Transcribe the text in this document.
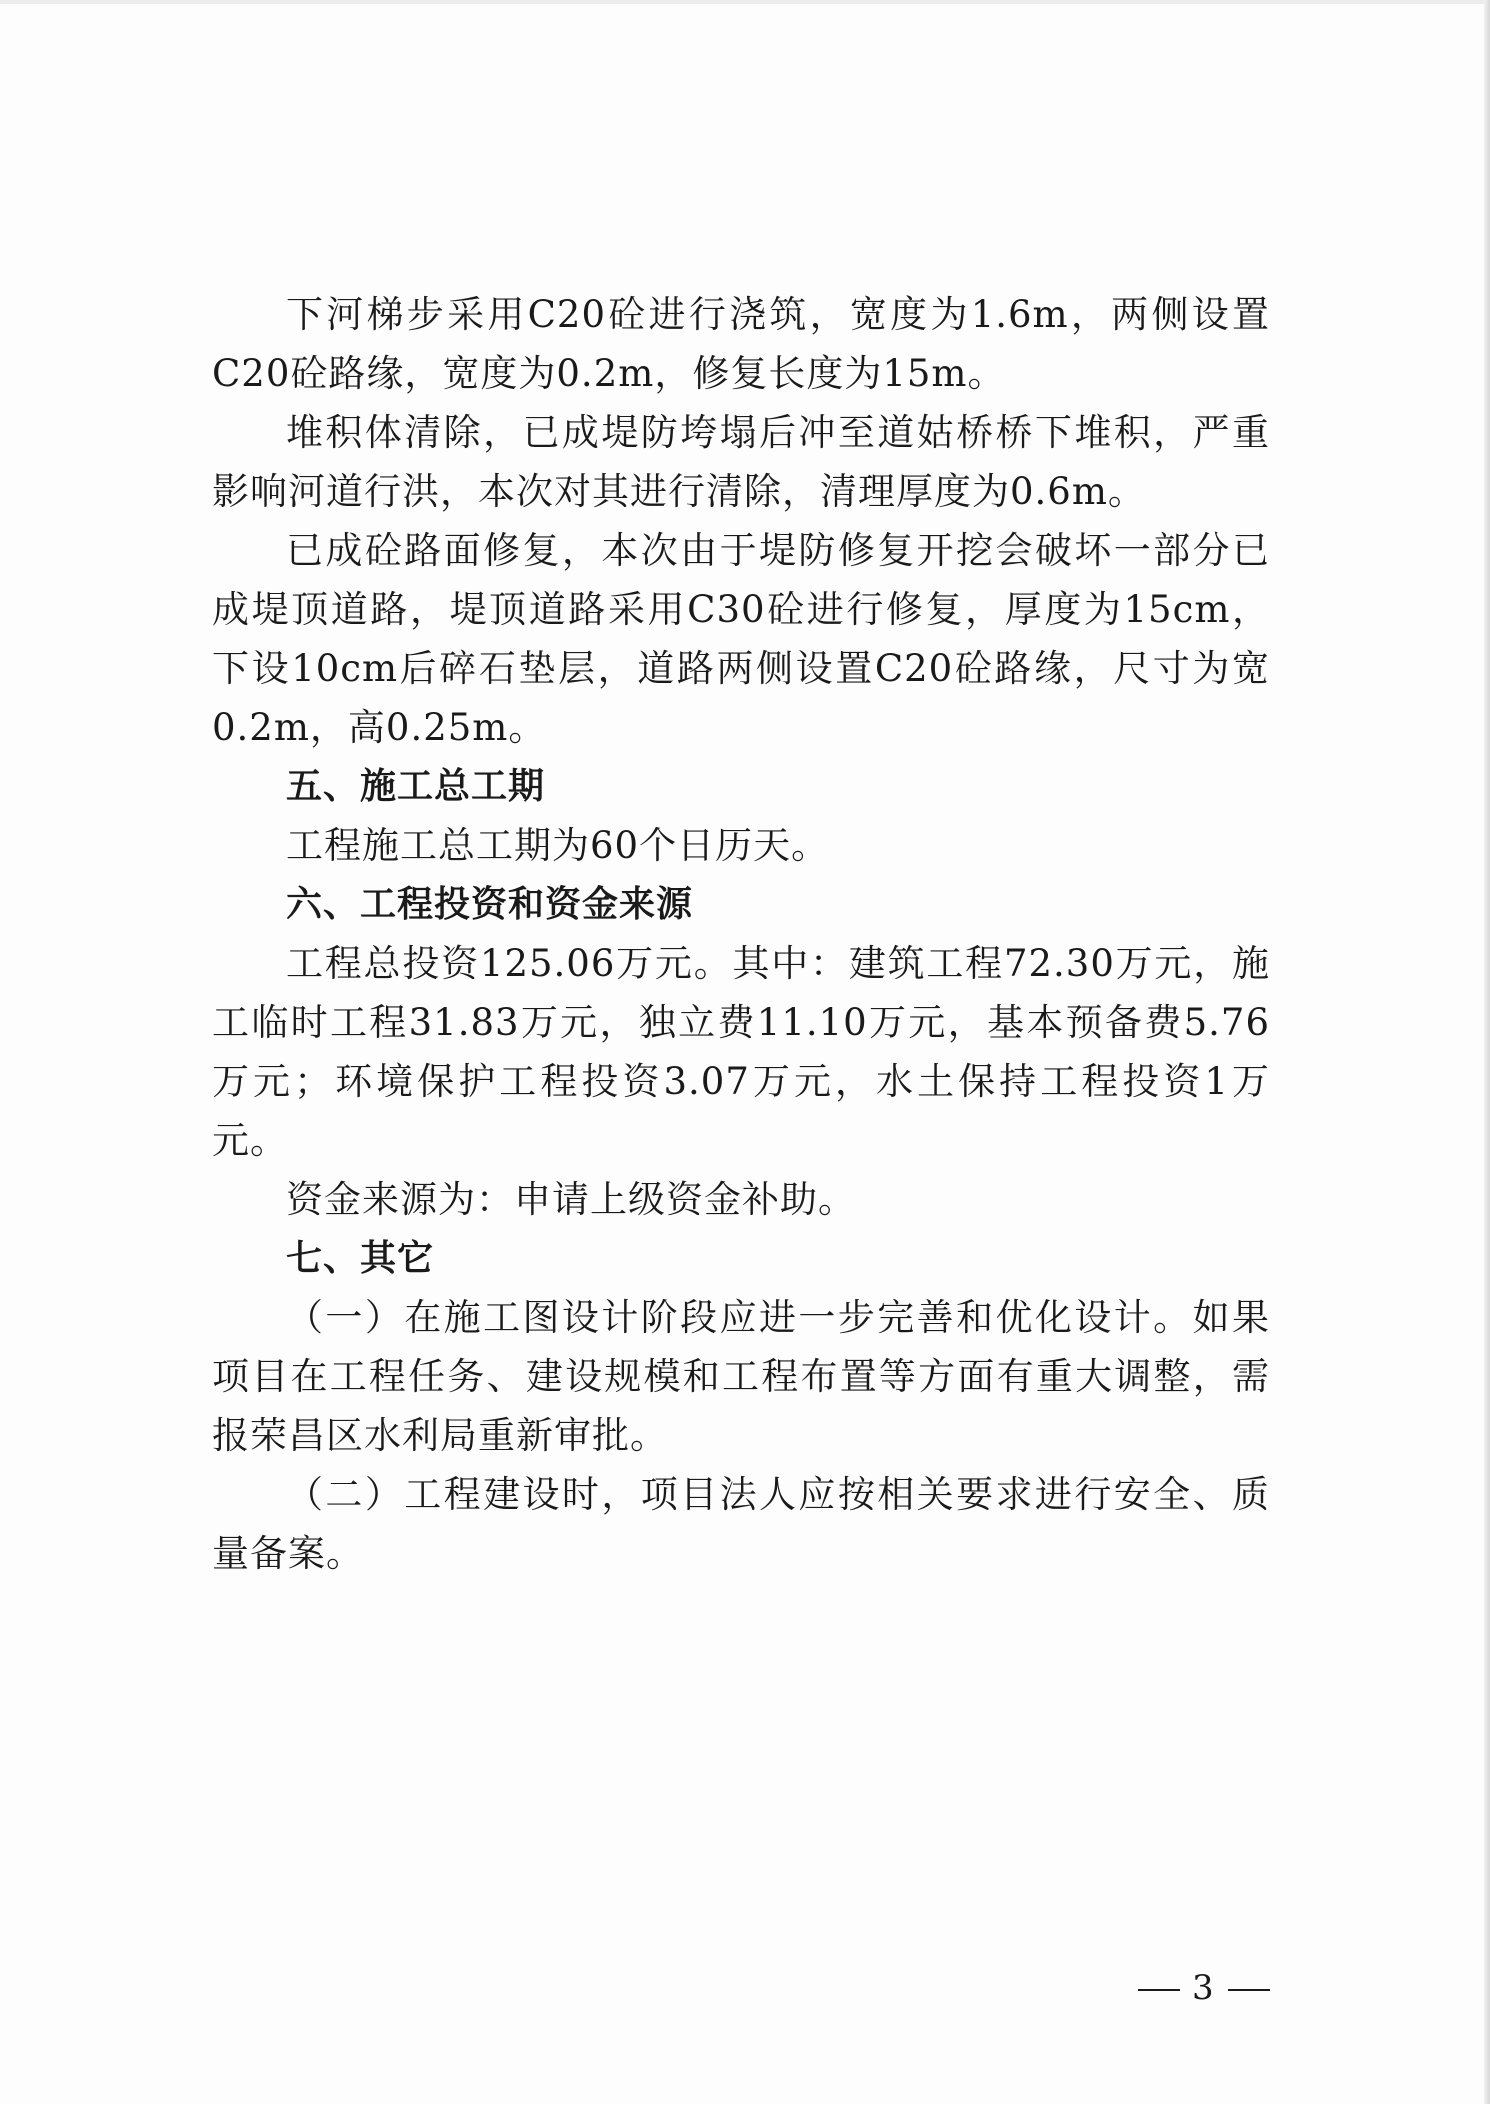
下河梯步采用C20砼进行浇筑，宽度为1.6m，两侧设置C20砼路缘，宽度为0.2m，修复长度为15m。

堆积体清除，已成堤防垮塌后冲至道姑桥桥下堆积，严重影响河道行洪，本次对其进行清除，清理厚度为0.6m。

已成砼路面修复，本次由于堤防修复开挖会破坏一部分已成堤顶道路，堤顶道路采用C30砼进行修复，厚度为15cm，下设10cm后碎石垫层，道路两侧设置C20砼路缘，尺寸为宽0.2m，高0.25m。

五、施工总工期

工程施工总工期为60个日历天。

六、工程投资和资金来源

工程总投资125.06万元。其中：建筑工程72.30万元，施工临时工程31.83万元，独立费11.10万元，基本预备费5.76万元；环境保护工程投资3.07万元，水土保持工程投资1万元。

资金来源为：申请上级资金补助。

七、其它

（一）在施工图设计阶段应进一步完善和优化设计。如果项目在工程任务、建设规模和工程布置等方面有重大调整，需报荣昌区水利局重新审批。

（二）工程建设时，项目法人应按相关要求进行安全、质量备案。

3
